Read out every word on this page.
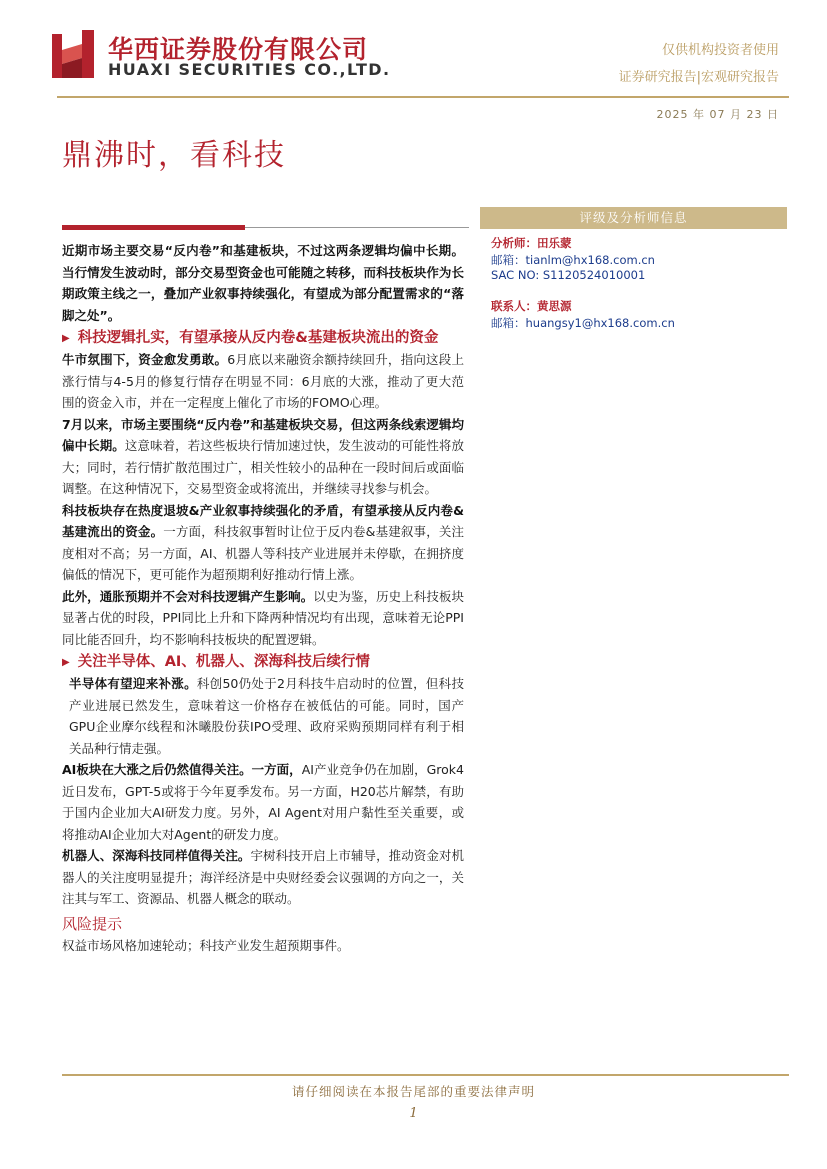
华西证券股份有限公司
HUAXI SECURITIES CO.,LTD.
仅供机构投资者使用
证券研究报告|宏观研究报告
2025 年 07 月 23 日
鼎沸时，看科技

近期市场主要交易“反内卷”和基建板块，不过这两条逻辑均偏中长期。当行情发生波动时，部分交易型资金也可能随之转移，而科技板块作为长期政策主线之一，叠加产业叙事持续强化，有望成为部分配置需求的“落脚之处”。

▶ 科技逻辑扎实，有望承接从反内卷&基建板块流出的资金

牛市氛围下，资金愈发勇敢。6月底以来融资余额持续回升，指向这段上涨行情与4-5月的修复行情存在明显不同：6月底的大涨，推动了更大范围的资金入市，并在一定程度上催化了市场的FOMO心理。

7月以来，市场主要围绕“反内卷”和基建板块交易，但这两条线索逻辑均偏中长期。这意味着，若这些板块行情加速过快，发生波动的可能性将放大；同时，若行情扩散范围过广，相关性较小的品种在一段时间后或面临调整。在这种情况下，交易型资金或将流出，并继续寻找参与机会。

科技板块存在热度退坡&产业叙事持续强化的矛盾，有望承接从反内卷&基建流出的资金。一方面，科技叙事暂时让位于反内卷&基建叙事，关注度相对不高；另一方面，AI、机器人等科技产业进展并未停歇，在拥挤度偏低的情况下，更可能作为超预期利好推动行情上涨。

此外，通胀预期并不会对科技逻辑产生影响。以史为鉴，历史上科技板块显著占优的时段，PPI同比上升和下降两种情况均有出现，意味着无论PPI同比能否回升，均不影响科技板块的配置逻辑。

▶ 关注半导体、AI、机器人、深海科技后续行情

半导体有望迎来补涨。科创50仍处于2月科技牛启动时的位置，但科技产业进展已然发生，意味着这一价格存在被低估的可能。同时，国产GPU企业摩尔线程和沐曦股份获IPO受理、政府采购预期同样有利于相关品种行情走强。

AI板块在大涨之后仍然值得关注。一方面，AI产业竞争仍在加剧，Grok4近日发布，GPT-5或将于今年夏季发布。另一方面，H20芯片解禁，有助于国内企业加大AI研发力度。另外，AI Agent对用户黏性至关重要，或将推动AI企业加大对Agent的研发力度。

机器人、深海科技同样值得关注。宇树科技开启上市辅导，推动资金对机器人的关注度明显提升；海洋经济是中央财经委会议强调的方向之一，关注其与军工、资源品、机器人概念的联动。

风险提示

权益市场风格加速轮动；科技产业发生超预期事件。

评级及分析师信息
分析师：田乐蒙
邮箱：tianlm@hx168.com.cn
SAC NO: S1120524010001
联系人：黄思源
邮箱：huangsy1@hx168.com.cn
请仔细阅读在本报告尾部的重要法律声明
1
